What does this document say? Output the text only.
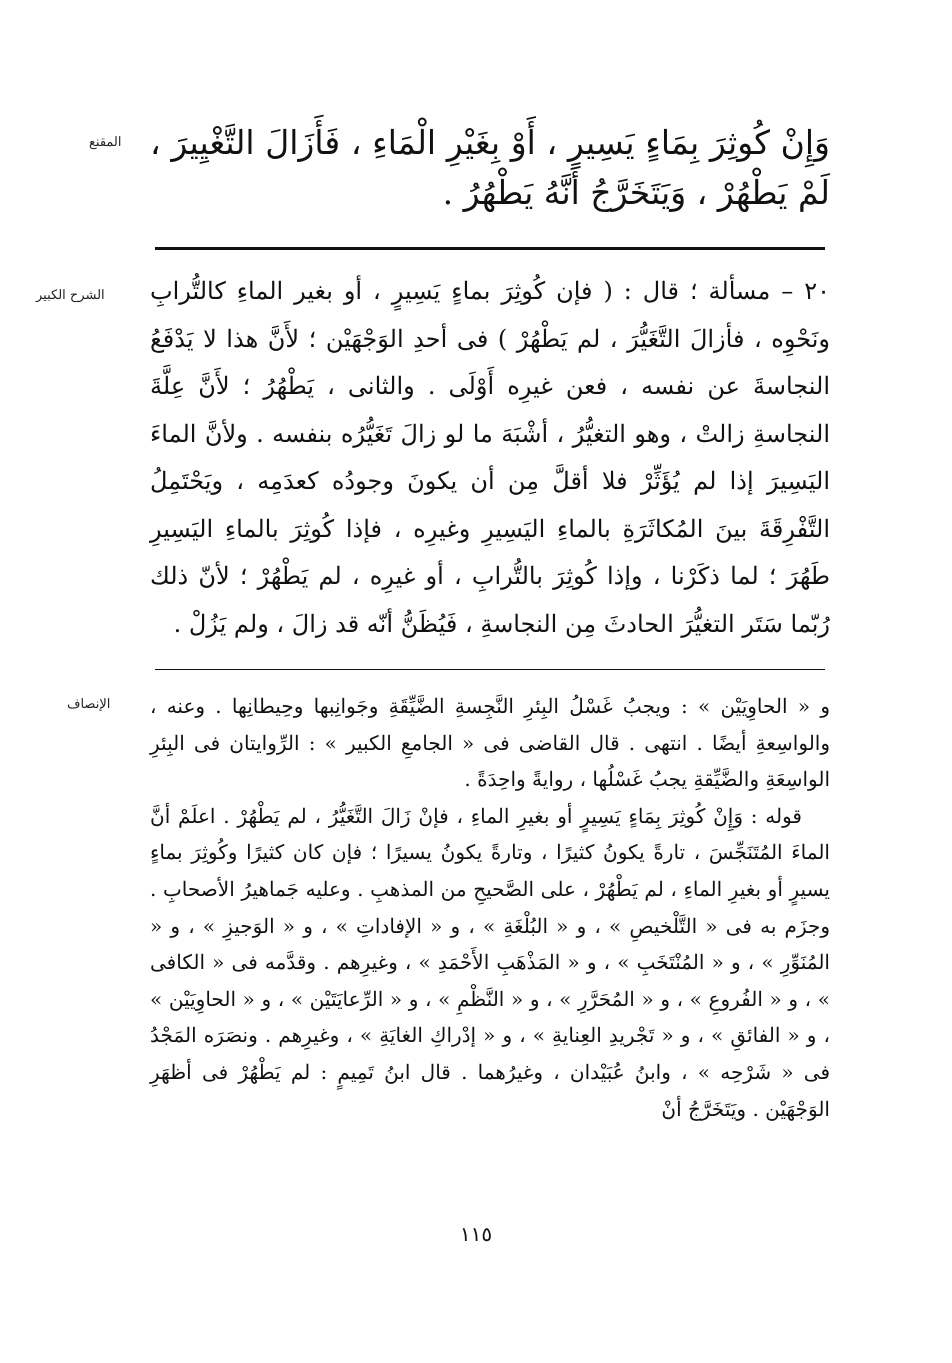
المقنع
الشرح الكبير
الإنصاف

وَإِنْ كُوثِرَ بِمَاءٍ يَسِيرٍ ، أَوْ بِغَيْرِ الْمَاءِ ، فَأَزَالَ التَّغْيِيرَ ، لَمْ يَطْهُرْ ، وَيَتَخَرَّجُ أَنَّهُ يَطْهُرُ .

٢٠ – مسألة ؛ قال : ( فإن كُوثِرَ بماءٍ يَسِيرٍ ، أو بغير الماءِ كالتُّرابِ ونَحْوِه ، فأزالَ التَّغَيُّرَ ، لم يَطْهُرْ ) فى أحدِ الوَجْهَيْن ؛ لأَنَّ هذا لا يَدْفَعُ النجاسةَ عن نفسه ، فعن غيرِه أَوْلَى . والثانى ، يَطْهُرُ ؛ لأَنَّ عِلَّةَ النجاسةِ زالتْ ، وهو التغيُّرُ ، أشْبَهَ ما لو زالَ تَغَيُّرُه بنفسه . ولأنَّ الماءَ اليَسِيرَ إذا لم يُؤَثِّرْ فلا أقلَّ مِن أن يكونَ وجودُه كعدَمِه ، ويَحْتَمِلُ التَّفْرِقَةَ بينَ المُكاثَرَةِ بالماءِ اليَسِيرِ وغيرِه ، فإذا كُوثِرَ بالماءِ اليَسِيرِ طَهُرَ ؛ لما ذكَرْنا ، وإذا كُوثِرَ بالتُّرابِ ، أو غيرِه ، لم يَطْهُرْ ؛ لأنّ ذلك رُبّما سَتَر التغيُّرَ الحادثَ مِن النجاسةِ ، فَيُظَنُّ أنّه قد زالَ ، ولم يَزُلْ .

و « الحاوِيَيْن » : ويجبُ غَسْلُ البِئرِ النَّجِسةِ الضَّيِّقَةِ وجَوانِبها وحِيطانِها . وعنه ، والواسِعةِ أيضًا . انتهى . قال القاضى فى « الجامعِ الكبير » : الرِّوايتان فى البِئرِ الواسِعَةِ والضَّيِّقةِ يجبُ غَسْلُها ، روايةً واحِدَةً .

قوله : وَإِنْ كُوثِرَ بِمَاءٍ يَسِيرٍ أو بغيرِ الماءِ ، فإنْ زَالَ التَّغَيُّرُ ، لم يَطْهُرْ . اعلَمْ أنَّ الماءَ المُتَنَجِّسَ ، تارةً يكونُ كثيرًا ، وتارةً يكونُ يسيرًا ؛ فإن كان كثيرًا وكُوثِرَ بماءٍ يسيرٍ أو بغيرِ الماءِ ، لم يَطْهُرْ ، على الصَّحيحِ من المذهبِ . وعليه جَماهيرُ الأصحابِ . وجزَم به فى « التَّلْخيصِ » ، و « البُلْغَةِ » ، و « الإفاداتِ » ، و « الوَجيزِ » ، و « المُنَوِّرِ » ، و « المُنْتَخَبِ » ، و « المَذْهَبِ الأَحْمَدِ » ، وغيرِهم . وقدَّمه فى « الكافى » ، و « الفُروعِ » ، و « المُحَرَّرِ » ، و « النَّظْمِ » ، و « الرِّعايَتَيْن » ، و « الحاوِيَيْن » ، و « الفائقِ » ، و « تَجْريدِ العِنايةِ » ، و « إدْراكِ الغايَةِ » ، وغيرِهم . ونصَرَه المَجْدُ فى « شَرْحِه » ، وابنُ عُبَيْدان ، وغيرُهما . قال ابنُ تَمِيمٍ : لم يَطْهُرْ فى أظهَرِ الوَجْهَيْن . ويَتَخَرَّجُ أنْ

١١٥
